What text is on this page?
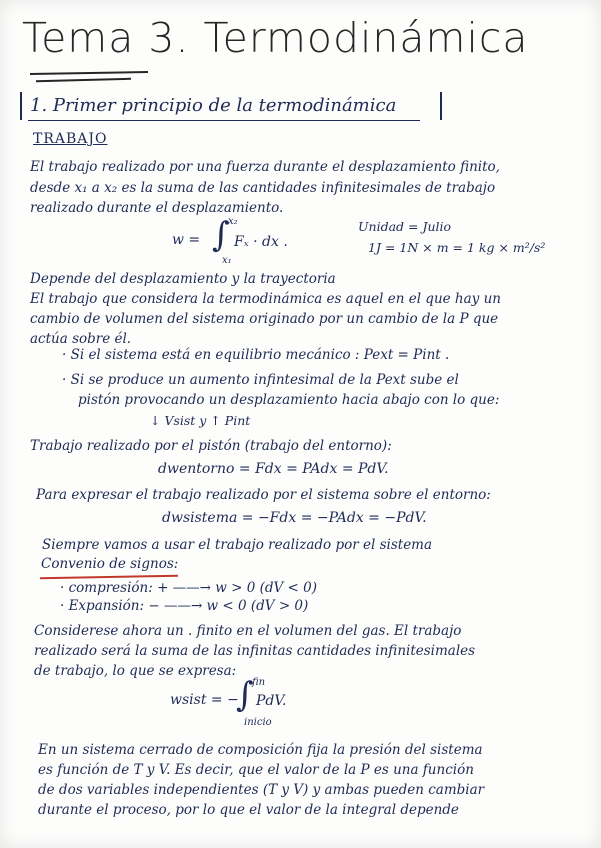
Tema 3. Termodinámica
1. Primer principio de la termodinámica
TRABAJO
El trabajo realizado por una fuerza durante el desplazamiento finito,
desde x₁ a x₂ es la suma de las cantidades infinitesimales de trabajo
realizado durante el desplazamiento.
w = ∫
x₂
x₁
Fₓ · dx .
Unidad = Julio
1J = 1N × m = 1 kg × m²/s²
Depende del desplazamiento y la trayectoria
El trabajo que considera la termodinámica es aquel en el que hay un
cambio de volumen del sistema originado por un cambio de la P que
actúa sobre él.
· Si el sistema está en equilibrio mecánico : Pext = Pint .
· Si se produce un aumento infintesimal de la Pext sube el
pistón provocando un desplazamiento hacia abajo con lo que:
↓ Vsist y ↑ Pint
Trabajo realizado por el pistón (trabajo del entorno):
dwentorno = Fdx = PAdx = PdV.
Para expresar el trabajo realizado por el sistema sobre el entorno:
dwsistema = −Fdx = −PAdx = −PdV.
Siempre vamos a usar el trabajo realizado por el sistema
Convenio de signos:
· compresión: + ——→ w > 0 (dV < 0)
· Expansión: − ——→ w < 0 (dV > 0)
Considerese ahora un . finito en el volumen del gas. El trabajo
realizado será la suma de las infinitas cantidades infinitesimales
de trabajo, lo que se expresa:
wsist = −
∫
fin
inicio
PdV.
En un sistema cerrado de composición fija la presión del sistema
es función de T y V. Es decir, que el valor de la P es una función
de dos variables independientes (T y V) y ambas pueden cambiar
durante el proceso, por lo que el valor de la integral depende
